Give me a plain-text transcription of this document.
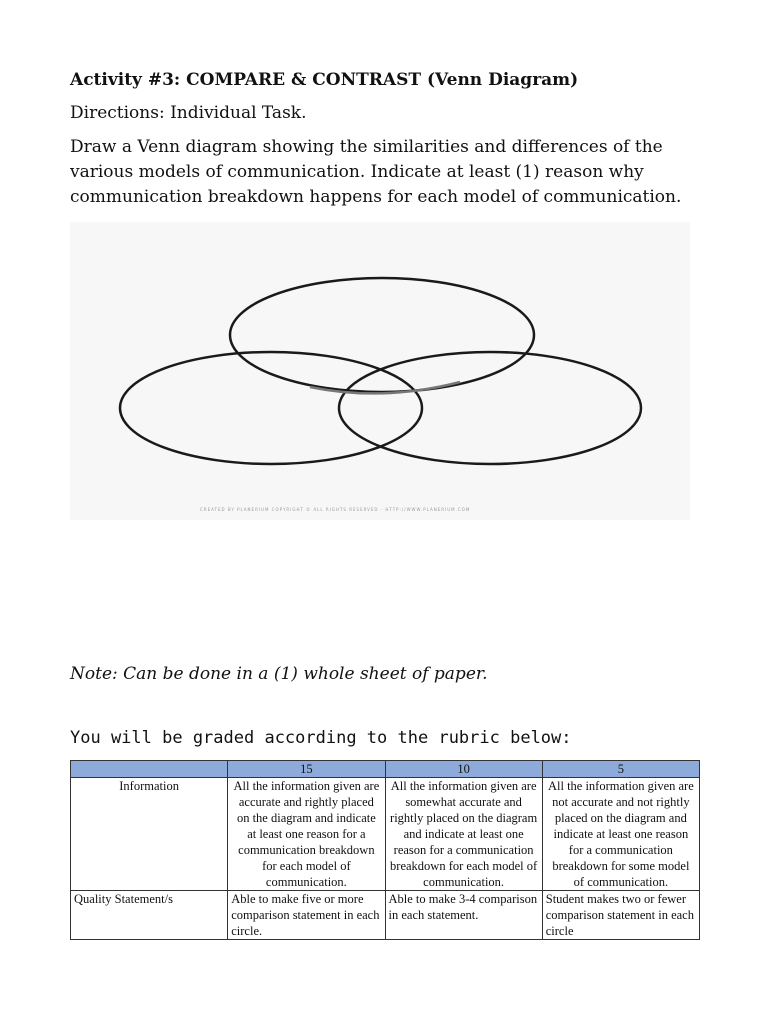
Activity #3: COMPARE & CONTRAST (Venn Diagram)
Directions: Individual Task.
Draw a Venn diagram showing the similarities and differences of the various models of communication. Indicate at least (1) reason why communication breakdown happens for each model of communication.
CREATED BY PLANERIUM COPYRIGHT © ALL RIGHTS RESERVED · HTTP://WWW.PLANERIUM.COM
Note: Can be done in a (1) whole sheet of paper.
You will be graded according to the rubric below:
	15	10	5
Information	All the information given are accurate and rightly placed on the diagram and indicate at least one reason for a communication breakdown for each model of communication.	All the information given are somewhat accurate and rightly placed on the diagram and indicate at least one reason for a communication breakdown for each model of communication.	All the information given are not accurate and not rightly placed on the diagram and indicate at least one reason for a communication breakdown for some model of communication.
Quality Statement/s	Able to make five or more comparison statement in each circle.	Able to make 3-4 comparison in each statement.	Student makes two or fewer comparison statement in each circle
